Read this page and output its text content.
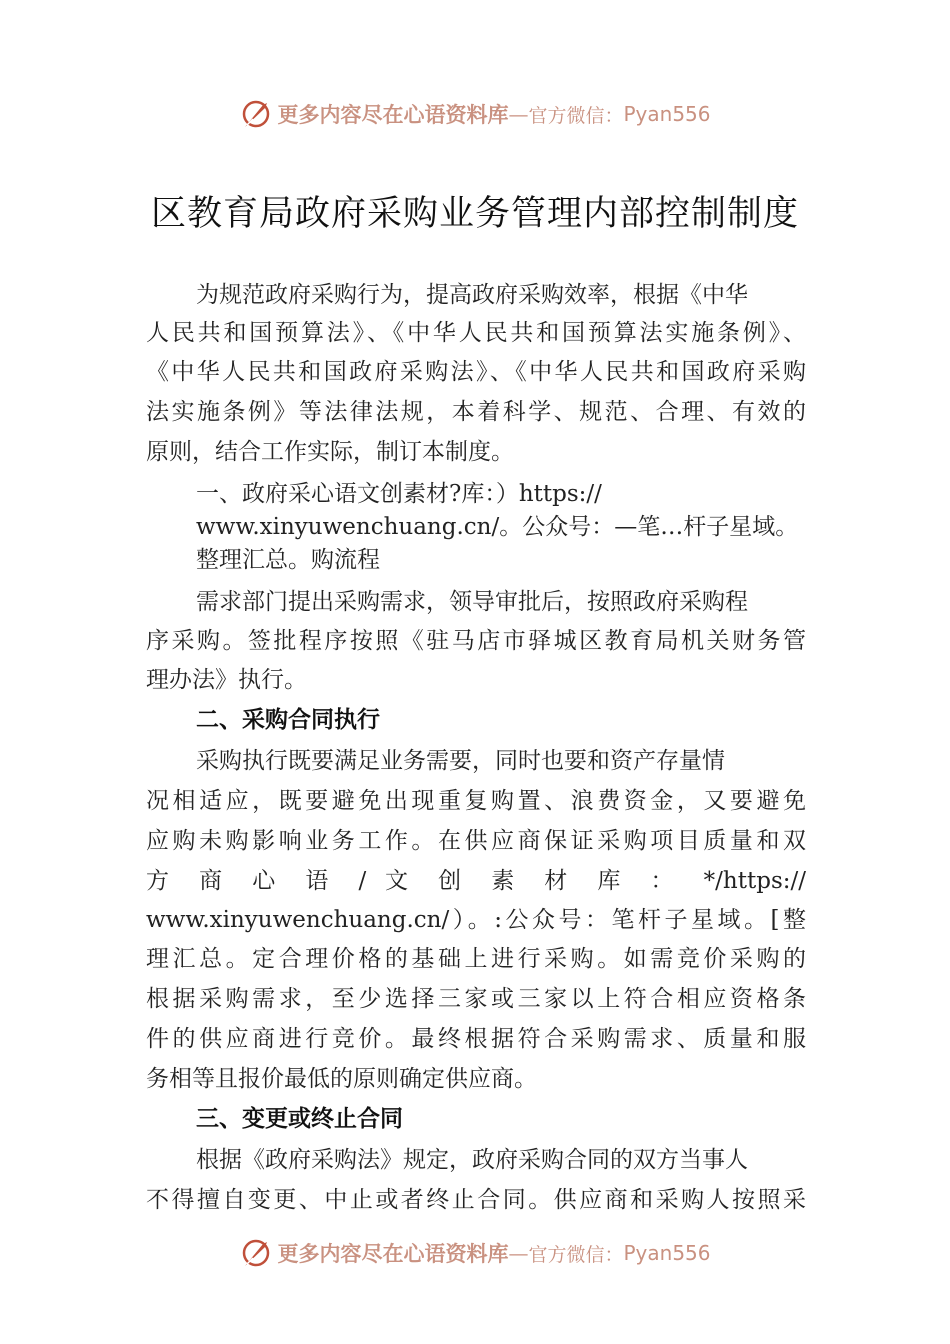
更多内容尽在心语资料库 — 官方微信： Pyan556
区教育局政府采购业务管理内部控制制度
为规范政府采购行为，提高政府采购效率，根据《中华
人民共和国预算法》、《中华人民共和国预算法实施条例》、
《中华人民共和国政府采购法》、《中华人民共和国政府采购
法实施条例》等法律法规，本着科学、规范、合理、有效的
原则，结合工作实际，制订本制度。
一、政府采心语文创素材?库：）https://
www.xinyuwenchuang.cn/。公众号：—笔…杆子星域。
整理汇总。购流程
需求部门提出采购需求，领导审批后，按照政府采购程
序采购。签批程序按照《驻马店市驿城区教育局机关财务管
理办法》执行。
二、采购合同执行
采购执行既要满足业务需要，同时也要和资产存量情
况相适应，既要避免出现重复购置、浪费资金，又要避免
应购未购影响业务工作。在供应商保证采购项目质量和双
方 商 心 语 / 文 创 素 材 库 ： */https://
www.xinyuwenchuang.cn/）。:公众号：笔杆子星域。[整
理汇总。定合理价格的基础上进行采购。如需竞价采购的
根据采购需求，至少选择三家或三家以上符合相应资格条
件的供应商进行竞价。最终根据符合采购需求、质量和服
务相等且报价最低的原则确定供应商。
三、变更或终止合同
根据《政府采购法》规定，政府采购合同的双方当事人
不得擅自变更、中止或者终止合同。供应商和采购人按照采
更多内容尽在心语资料库 — 官方微信： Pyan556
